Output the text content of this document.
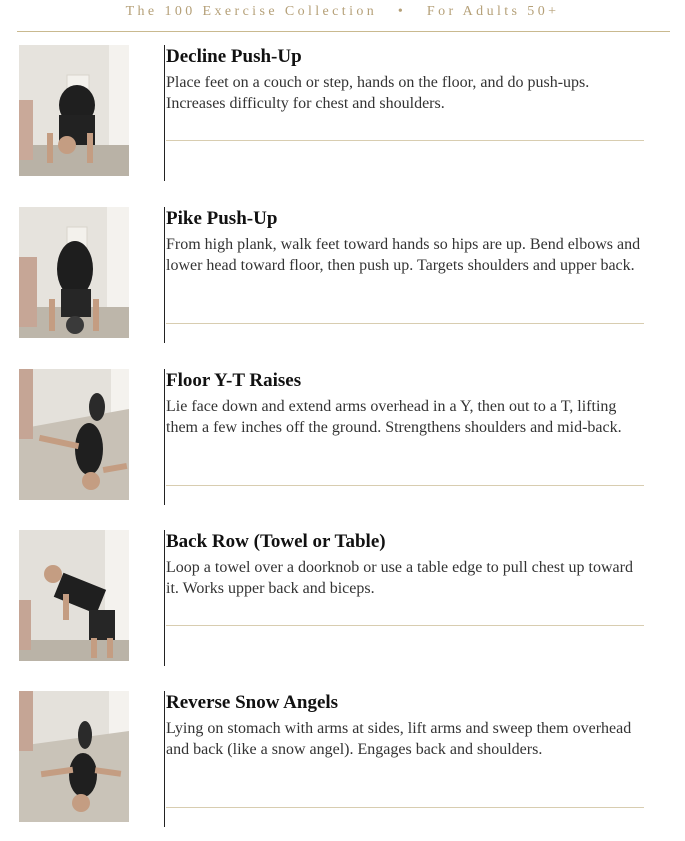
The 100 Exercise Collection • For Adults 50+
Decline Push-Up
Place feet on a couch or step, hands on the floor, and do push-ups. Increases difficulty for chest and shoulders.
Pike Push-Up
From high plank, walk feet toward hands so hips are up. Bend elbows and lower head toward floor, then push up. Targets shoulders and upper back.
Floor Y-T Raises
Lie face down and extend arms overhead in a Y, then out to a T, lifting them a few inches off the ground. Strengthens shoulders and mid-back.
Back Row (Towel or Table)
Loop a towel over a doorknob or use a table edge to pull chest up toward it. Works upper back and biceps.
Reverse Snow Angels
Lying on stomach with arms at sides, lift arms and sweep them overhead and back (like a snow angel). Engages back and shoulders.
